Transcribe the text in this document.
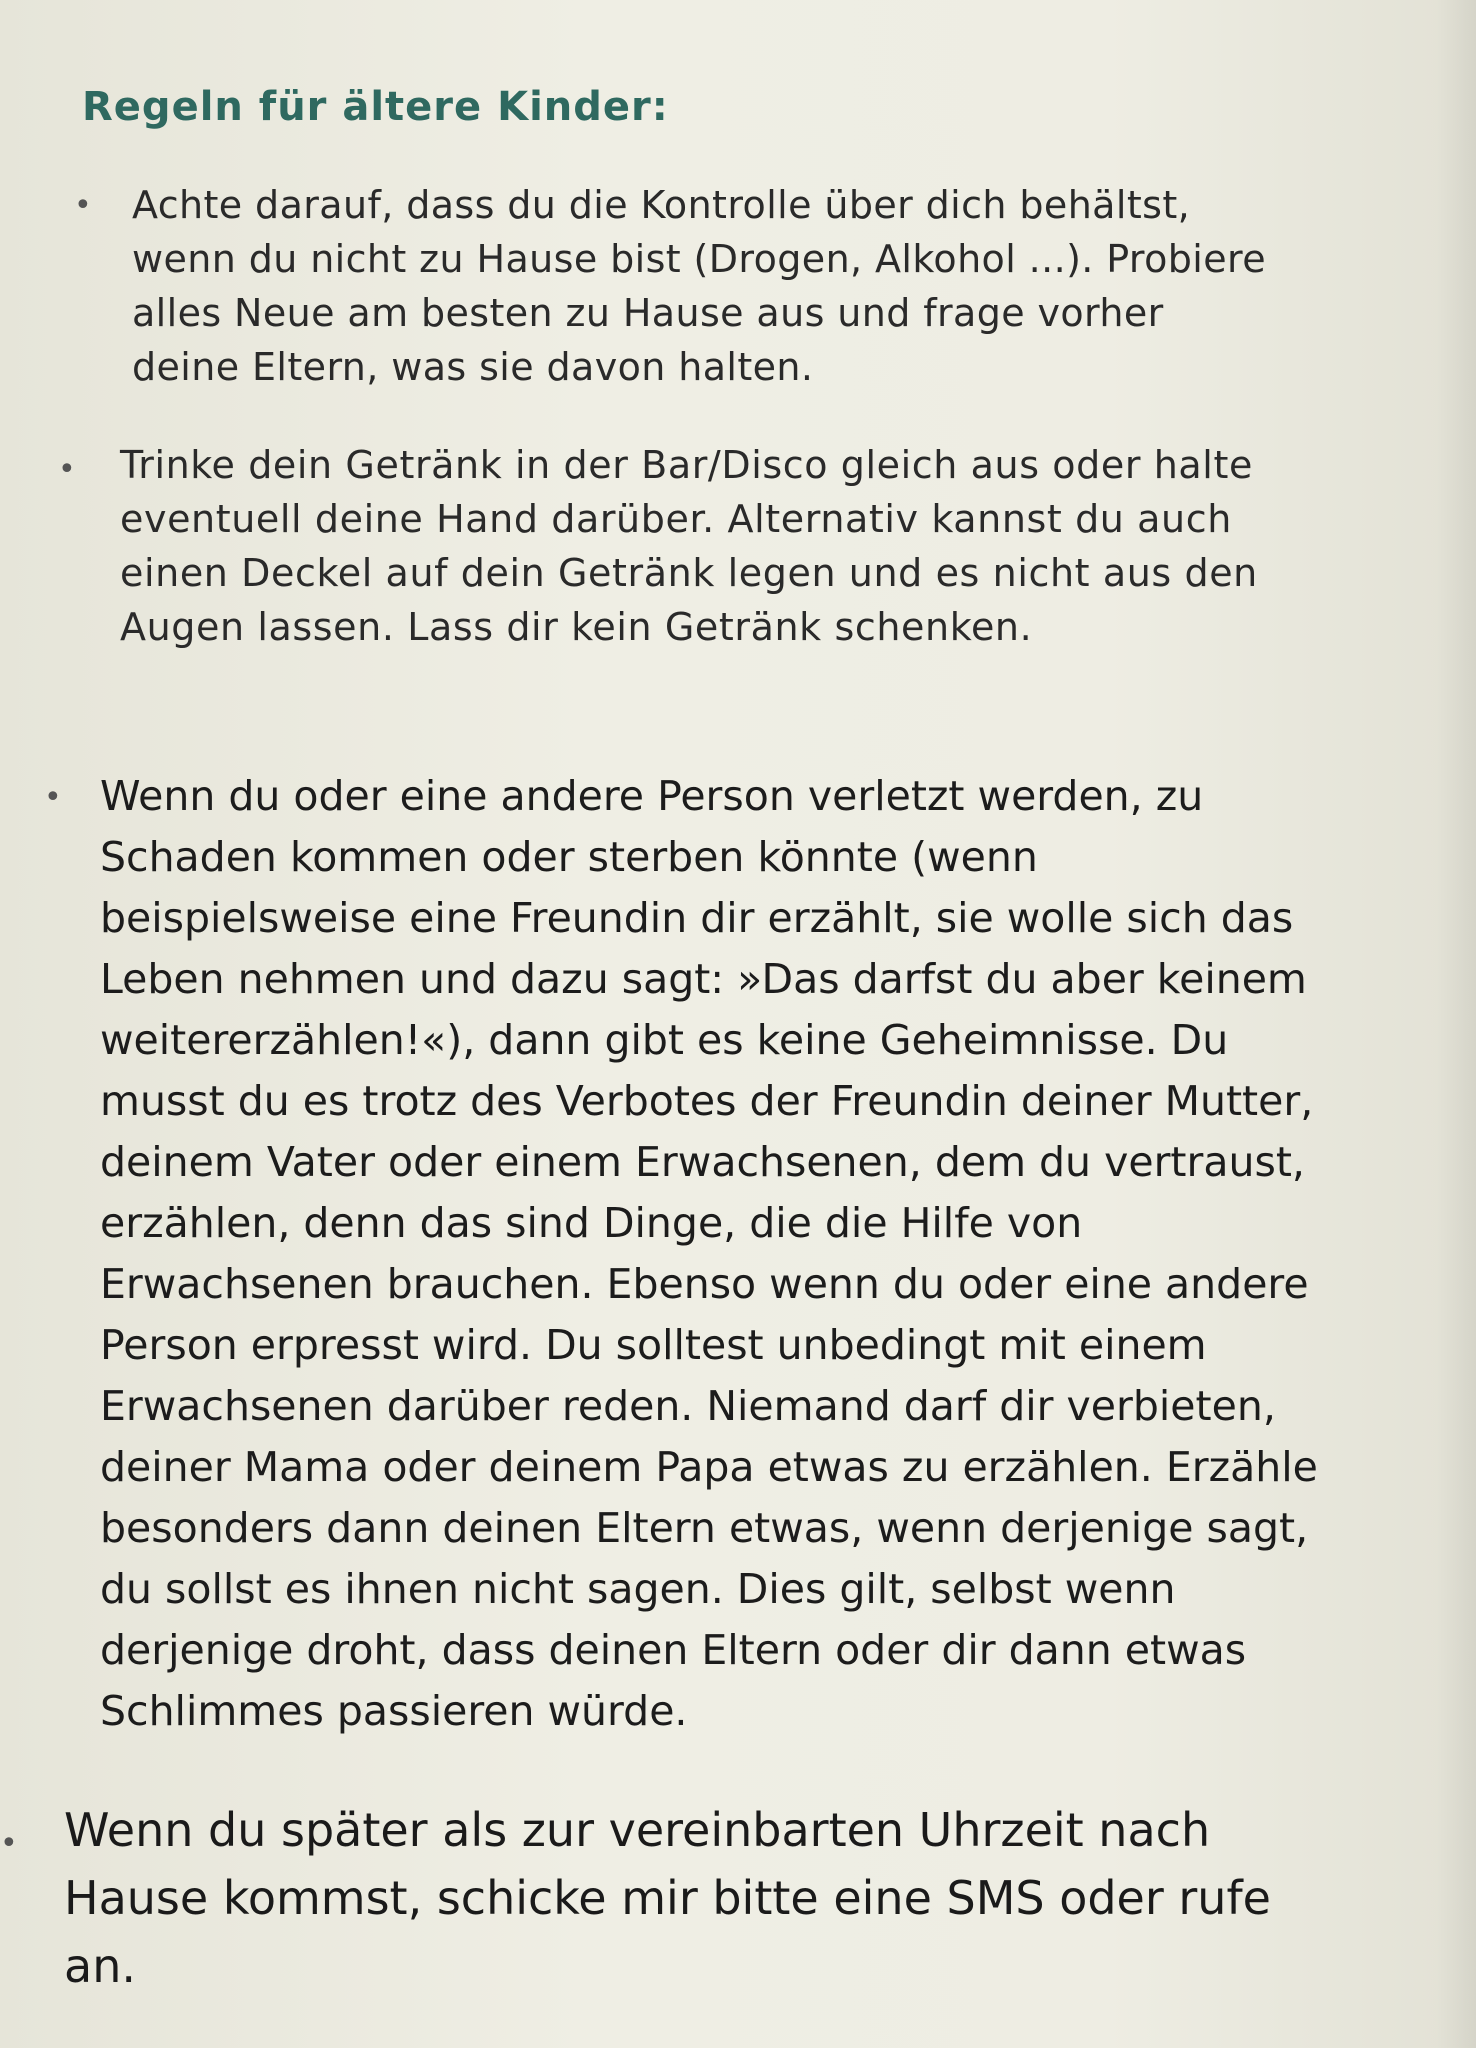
Regeln für ältere Kinder:
• Achte darauf, dass du die Kontrolle über dich behältst, wenn du nicht zu Hause bist (Drogen, Alkohol ...). Probiere alles Neue am besten zu Hause aus und frage vorher deine Eltern, was sie davon halten.

• Trinke dein Getränk in der Bar/Disco gleich aus oder halte eventuell deine Hand darüber. Alternativ kannst du auch einen Deckel auf dein Getränk legen und es nicht aus den Augen lassen. Lass dir kein Getränk schenken.

• Wenn du oder eine andere Person verletzt werden, zu Schaden kommen oder sterben könnte (wenn beispielsweise eine Freundin dir erzählt, sie wolle sich das Leben nehmen und dazu sagt: »Das darfst du aber keinem weitererzählen!«), dann gibt es keine Geheimnisse. Du musst du es trotz des Verbotes der Freundin deiner Mutter, deinem Vater oder einem Erwachsenen, dem du vertraust, erzählen, denn das sind Dinge, die die Hilfe von Erwachsenen brauchen. Ebenso wenn du oder eine andere Person erpresst wird. Du solltest unbedingt mit einem Erwachsenen darüber reden. Niemand darf dir verbieten, deiner Mama oder deinem Papa etwas zu erzählen. Erzähle besonders dann deinen Eltern etwas, wenn derjenige sagt, du sollst es ihnen nicht sagen. Dies gilt, selbst wenn derjenige droht, dass deinen Eltern oder dir dann etwas Schlimmes passieren würde.

• Wenn du später als zur vereinbarten Uhrzeit nach Hause kommst, schicke mir bitte eine SMS oder rufe an.
